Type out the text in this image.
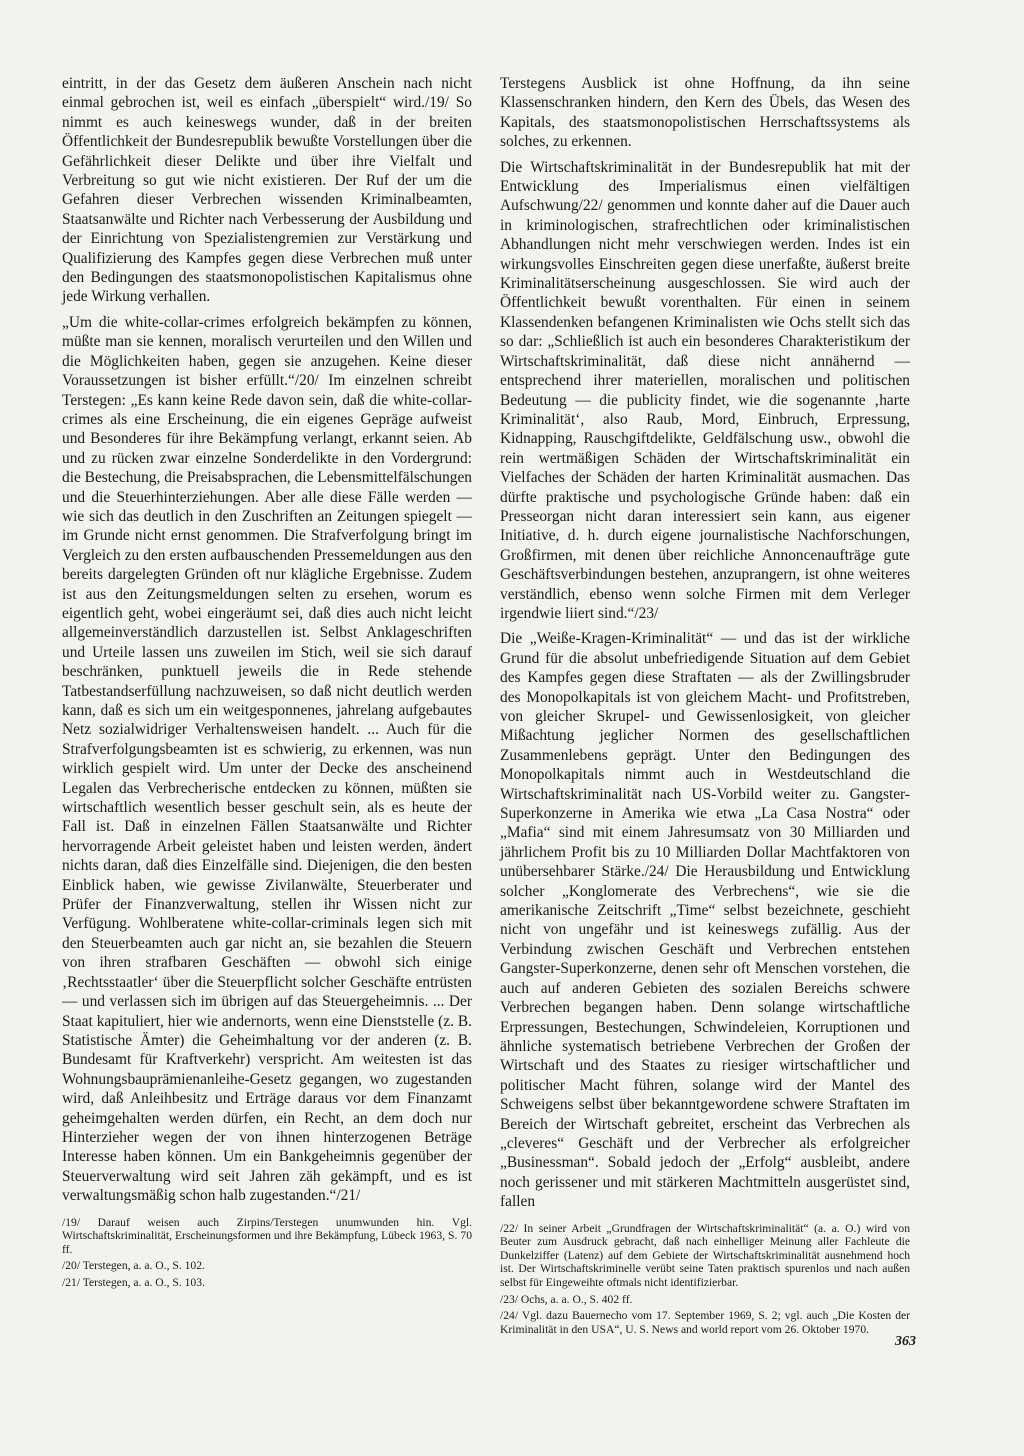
eintritt, in der das Gesetz dem äußeren Anschein nach nicht einmal gebrochen ist, weil es einfach „überspielt“ wird./19/ So nimmt es auch keineswegs wunder, daß in der breiten Öffentlichkeit der Bundesrepublik bewußte Vorstellungen über die Gefährlichkeit dieser Delikte und über ihre Vielfalt und Verbreitung so gut wie nicht existieren. Der Ruf der um die Gefahren dieser Verbrechen wissenden Kriminalbeamten, Staatsanwälte und Richter nach Verbesserung der Ausbildung und der Einrichtung von Spezialistengremien zur Verstärkung und Qualifizierung des Kampfes gegen diese Verbrechen muß unter den Bedingungen des staatsmonopolistischen Kapitalismus ohne jede Wirkung verhallen.

„Um die white-collar-crimes erfolgreich bekämpfen zu können, müßte man sie kennen, moralisch verurteilen und den Willen und die Möglichkeiten haben, gegen sie anzugehen. Keine dieser Voraussetzungen ist bisher erfüllt.“/20/ Im einzelnen schreibt Terstegen: „Es kann keine Rede davon sein, daß die white-collar-crimes als eine Erscheinung, die ein eigenes Gepräge aufweist und Besonderes für ihre Bekämpfung verlangt, erkannt seien. Ab und zu rücken zwar einzelne Sonderdelikte in den Vordergrund: die Bestechung, die Preisabsprachen, die Lebensmittelfälschungen und die Steuerhinterziehungen. Aber alle diese Fälle werden — wie sich das deutlich in den Zuschriften an Zeitungen spiegelt — im Grunde nicht ernst genommen. Die Strafverfolgung bringt im Vergleich zu den ersten aufbauschenden Pressemeldungen aus den bereits dargelegten Gründen oft nur klägliche Ergebnisse. Zudem ist aus den Zeitungsmeldungen selten zu ersehen, worum es eigentlich geht, wobei eingeräumt sei, daß dies auch nicht leicht allgemeinverständlich darzustellen ist. Selbst Anklageschriften und Urteile lassen uns zuweilen im Stich, weil sie sich darauf beschränken, punktuell jeweils die in Rede stehende Tatbestandserfüllung nachzuweisen, so daß nicht deutlich werden kann, daß es sich um ein weitgesponnenes, jahrelang aufgebautes Netz sozialwidriger Verhaltensweisen handelt. ... Auch für die Strafverfolgungsbeamten ist es schwierig, zu erkennen, was nun wirklich gespielt wird. Um unter der Decke des anscheinend Legalen das Verbrecherische entdecken zu können, müßten sie wirtschaftlich wesentlich besser geschult sein, als es heute der Fall ist. Daß in einzelnen Fällen Staatsanwälte und Richter hervorragende Arbeit geleistet haben und leisten werden, ändert nichts daran, daß dies Einzelfälle sind. Diejenigen, die den besten Einblick haben, wie gewisse Zivilanwälte, Steuerberater und Prüfer der Finanzverwaltung, stellen ihr Wissen nicht zur Verfügung. Wohlberatene white-collar-criminals legen sich mit den Steuerbeamten auch gar nicht an, sie bezahlen die Steuern von ihren strafbaren Geschäften — obwohl sich einige ‚Rechtsstaatler‘ über die Steuerpflicht solcher Geschäfte entrüsten — und verlassen sich im übrigen auf das Steuergeheimnis. ... Der Staat kapituliert, hier wie andernorts, wenn eine Dienststelle (z. B. Statistische Ämter) die Geheimhaltung vor der anderen (z. B. Bundesamt für Kraftverkehr) verspricht. Am weitesten ist das Wohnungsbauprämienanleihe-Gesetz gegangen, wo zugestanden wird, daß Anleihbesitz und Erträge daraus vor dem Finanzamt geheimgehalten werden dürfen, ein Recht, an dem doch nur Hinterzieher wegen der von ihnen hinterzogenen Beträge Interesse haben können. Um ein Bankgeheimnis gegenüber der Steuerverwaltung wird seit Jahren zäh gekämpft, und es ist verwaltungsmäßig schon halb zugestanden.“/21/

/19/ Darauf weisen auch Zirpins/Terstegen unumwunden hin. Vgl. Wirtschaftskriminalität, Erscheinungsformen und ihre Bekämpfung, Lübeck 1963, S. 70 ff.

/20/ Terstegen, a. a. O., S. 102.

/21/ Terstegen, a. a. O., S. 103.

Terstegens Ausblick ist ohne Hoffnung, da ihn seine Klassenschranken hindern, den Kern des Übels, das Wesen des Kapitals, des staatsmonopolistischen Herrschaftssystems als solches, zu erkennen.

Die Wirtschaftskriminalität in der Bundesrepublik hat mit der Entwicklung des Imperialismus einen vielfältigen Aufschwung/22/ genommen und konnte daher auf die Dauer auch in kriminologischen, strafrechtlichen oder kriminalistischen Abhandlungen nicht mehr verschwiegen werden. Indes ist ein wirkungsvolles Einschreiten gegen diese unerfaßte, äußerst breite Kriminalitätserscheinung ausgeschlossen. Sie wird auch der Öffentlichkeit bewußt vorenthalten. Für einen in seinem Klassendenken befangenen Kriminalisten wie Ochs stellt sich das so dar: „Schließlich ist auch ein besonderes Charakteristikum der Wirtschaftskriminalität, daß diese nicht annähernd — entsprechend ihrer materiellen, moralischen und politischen Bedeutung — die publicity findet, wie die sogenannte ‚harte Kriminalität‘, also Raub, Mord, Einbruch, Erpressung, Kidnapping, Rauschgiftdelikte, Geldfälschung usw., obwohl die rein wertmäßigen Schäden der Wirtschaftskriminalität ein Vielfaches der Schäden der harten Kriminalität ausmachen. Das dürfte praktische und psychologische Gründe haben: daß ein Presseorgan nicht daran interessiert sein kann, aus eigener Initiative, d. h. durch eigene journalistische Nachforschungen, Großfirmen, mit denen über reichliche Annoncenaufträge gute Geschäftsverbindungen bestehen, anzuprangern, ist ohne weiteres verständlich, ebenso wenn solche Firmen mit dem Verleger irgendwie liiert sind.“/23/

Die „Weiße-Kragen-Kriminalität“ — und das ist der wirkliche Grund für die absolut unbefriedigende Situation auf dem Gebiet des Kampfes gegen diese Straftaten — als der Zwillingsbruder des Monopolkapitals ist von gleichem Macht- und Profitstreben, von gleicher Skrupel- und Gewissenlosigkeit, von gleicher Mißachtung jeglicher Normen des gesellschaftlichen Zusammenlebens geprägt. Unter den Bedingungen des Monopolkapitals nimmt auch in Westdeutschland die Wirtschaftskriminalität nach US-Vorbild weiter zu. Gangster-Superkonzerne in Amerika wie etwa „La Casa Nostra“ oder „Mafia“ sind mit einem Jahresumsatz von 30 Milliarden und jährlichem Profit bis zu 10 Milliarden Dollar Machtfaktoren von unübersehbarer Stärke./24/ Die Herausbildung und Entwicklung solcher „Konglomerate des Verbrechens“, wie sie die amerikanische Zeitschrift „Time“ selbst bezeichnete, geschieht nicht von ungefähr und ist keineswegs zufällig. Aus der Verbindung zwischen Geschäft und Verbrechen entstehen Gangster-Superkonzerne, denen sehr oft Menschen vorstehen, die auch auf anderen Gebieten des sozialen Bereichs schwere Verbrechen begangen haben. Denn solange wirtschaftliche Erpressungen, Bestechungen, Schwindeleien, Korruptionen und ähnliche systematisch betriebene Verbrechen der Großen der Wirtschaft und des Staates zu riesiger wirtschaftlicher und politischer Macht führen, solange wird der Mantel des Schweigens selbst über bekanntgewordene schwere Straftaten im Bereich der Wirtschaft gebreitet, erscheint das Verbrechen als „cleveres“ Geschäft und der Verbrecher als erfolgreicher „Businessman“. Sobald jedoch der „Erfolg“ ausbleibt, andere noch gerissener und mit stärkeren Machtmitteln ausgerüstet sind, fallen

/22/ In seiner Arbeit „Grundfragen der Wirtschaftskriminalität“ (a. a. O.) wird von Beuter zum Ausdruck gebracht, daß nach einhelliger Meinung aller Fachleute die Dunkelziffer (Latenz) auf dem Gebiete der Wirtschaftskriminalität ausnehmend hoch ist. Der Wirtschaftskriminelle verübt seine Taten praktisch spurenlos und nach außen selbst für Eingeweihte oftmals nicht identifizierbar.

/23/ Ochs, a. a. O., S. 402 ff.

/24/ Vgl. dazu Bauernecho vom 17. September 1969, S. 2; vgl. auch „Die Kosten der Kriminalität in den USA“, U. S. News and world report vom 26. Oktober 1970.

363
